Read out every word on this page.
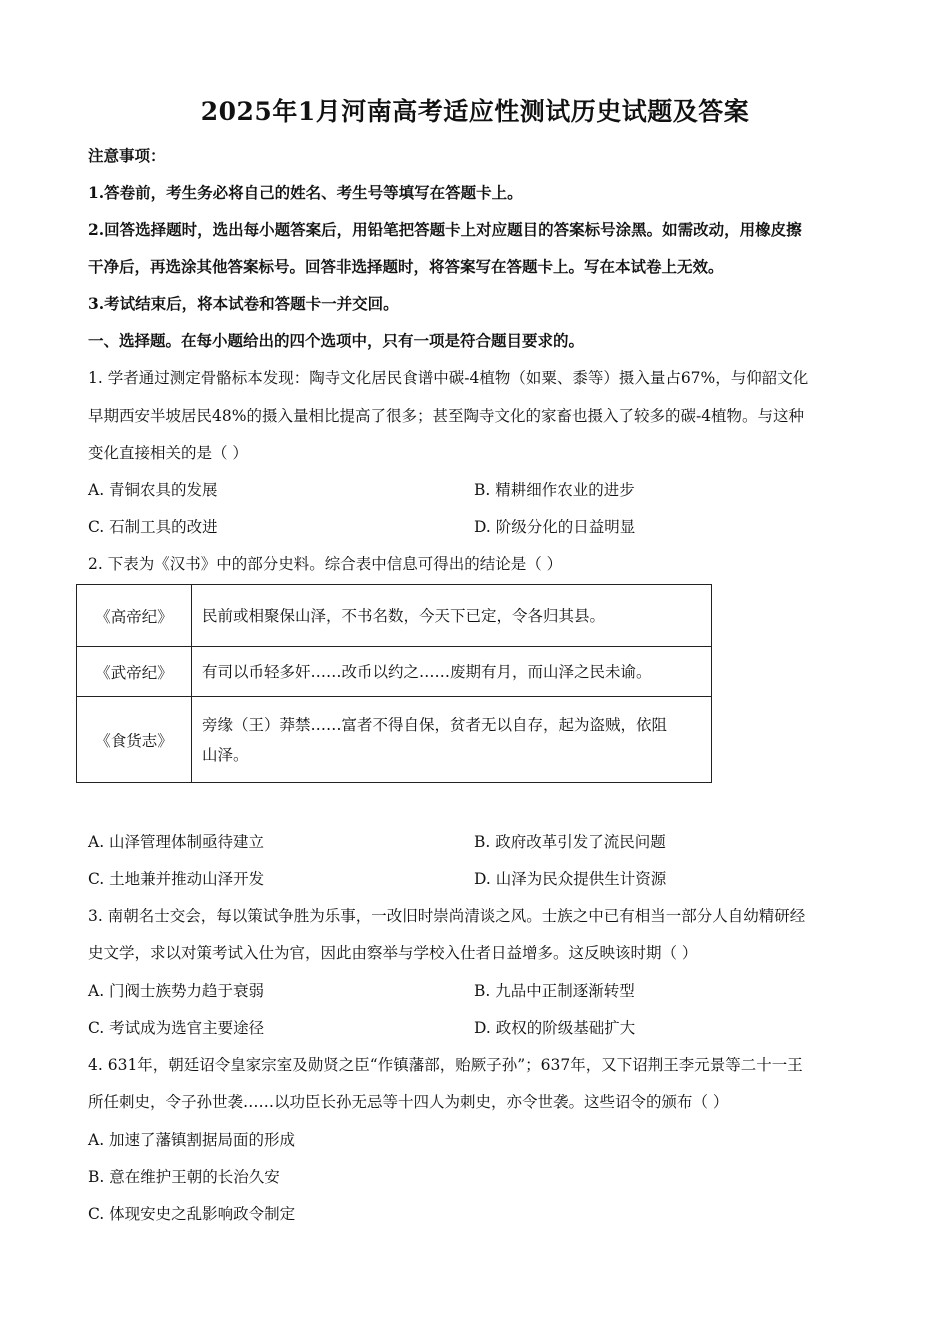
2025年1月河南高考适应性测试历史试题及答案
注意事项：
1.答卷前，考生务必将自己的姓名、考生号等填写在答题卡上。
2.回答选择题时，选出每小题答案后，用铅笔把答题卡上对应题目的答案标号涂黑。如需改动，用橡皮擦
干净后，再选涂其他答案标号。回答非选择题时，将答案写在答题卡上。写在本试卷上无效。
3.考试结束后，将本试卷和答题卡一并交回。
一、选择题。在每小题给出的四个选项中，只有一项是符合题目要求的。
1. 学者通过测定骨骼标本发现：陶寺文化居民食谱中碳-4植物（如粟、黍等）摄入量占67%，与仰韶文化
早期西安半坡居民48%的摄入量相比提高了很多；甚至陶寺文化的家畜也摄入了较多的碳-4植物。与这种
变化直接相关的是（ ）
A. 青铜农具的发展	B. 精耕细作农业的进步
C. 石制工具的改进	D. 阶级分化的日益明显
2. 下表为《汉书》中的部分史料。综合表中信息可得出的结论是（ ）
《高帝纪》	民前或相聚保山泽，不书名数，今天下已定，令各归其县。
《武帝纪》	有司以币轻多奸……改币以约之……废期有月，而山泽之民未谕。
《食货志》	旁缘（王）莽禁……富者不得自保，贫者无以自存，起为盗贼，依阻
山泽。
A. 山泽管理体制亟待建立	B. 政府改革引发了流民问题
C. 土地兼并推动山泽开发	D. 山泽为民众提供生计资源
3. 南朝名士交会，每以策试争胜为乐事，一改旧时崇尚清谈之风。士族之中已有相当一部分人自幼精研经
史文学，求以对策考试入仕为官，因此由察举与学校入仕者日益增多。这反映该时期（ ）
A. 门阀士族势力趋于衰弱	B. 九品中正制逐渐转型
C. 考试成为选官主要途径	D. 政权的阶级基础扩大
4. 631年，朝廷诏令皇家宗室及勋贤之臣“作镇藩部，贻厥子孙”；637年，又下诏荆王李元景等二十一王
所任刺史，令子孙世袭……以功臣长孙无忌等十四人为刺史，亦令世袭。这些诏令的颁布（ ）
A. 加速了藩镇割据局面的形成
B. 意在维护王朝的长治久安
C. 体现安史之乱影响政令制定
